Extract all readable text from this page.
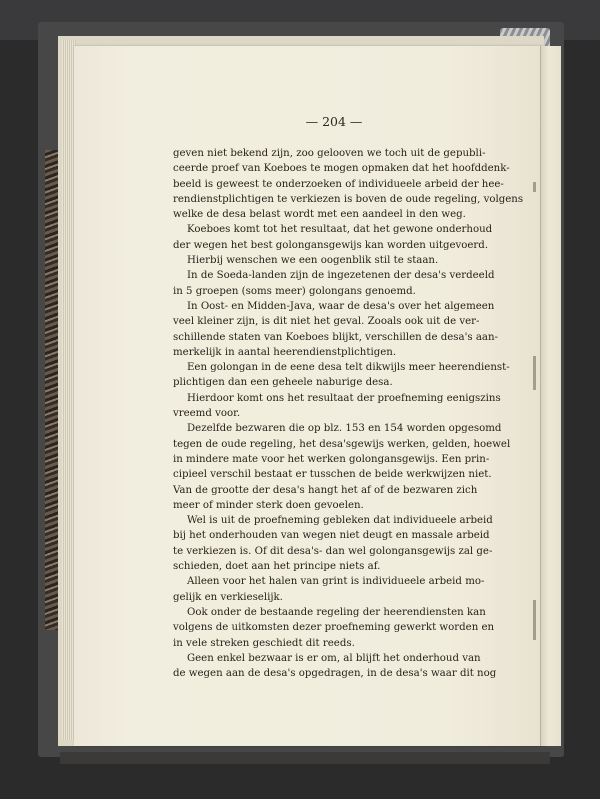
— 204 —
geven niet bekend zijn, zoo gelooven we toch uit de gepubli-
ceerde proef van Koeboes te mogen opmaken dat het hoofddenk-
beeld is geweest te onderzoeken of individueele arbeid der hee-
rendienstplichtigen te verkiezen is boven de oude regeling, volgens
welke de desa belast wordt met een aandeel in den weg.
Koeboes komt tot het resultaat, dat het gewone onderhoud
der wegen het best golongansgewijs kan worden uitgevoerd.
Hierbij wenschen we een oogenblik stil te staan.
In de Soeda-landen zijn de ingezetenen der desa's verdeeld
in 5 groepen (soms meer) golongans genoemd.
In Oost- en Midden-Java, waar de desa's over het algemeen
veel kleiner zijn, is dit niet het geval. Zooals ook uit de ver-
schillende staten van Koeboes blijkt, verschillen de desa's aan-
merkelijk in aantal heerendienstplichtigen.
Een golongan in de eene desa telt dikwijls meer heerendienst-
plichtigen dan een geheele naburige desa.
Hierdoor komt ons het resultaat der proefneming eenigszins
vreemd voor.
Dezelfde bezwaren die op blz. 153 en 154 worden opgesomd
tegen de oude regeling, het desa'sgewijs werken, gelden, hoewel
in mindere mate voor het werken golongansgewijs. Een prin-
cipieel verschil bestaat er tusschen de beide werkwijzen niet.
Van de grootte der desa's hangt het af of de bezwaren zich
meer of minder sterk doen gevoelen.
Wel is uit de proefneming gebleken dat individueele arbeid
bij het onderhouden van wegen niet deugt en massale arbeid
te verkiezen is. Of dit desa's- dan wel golongansgewijs zal ge-
schieden, doet aan het principe niets af.
Alleen voor het halen van grint is individueele arbeid mo-
gelijk en verkieselijk.
Ook onder de bestaande regeling der heerendiensten kan
volgens de uitkomsten dezer proefneming gewerkt worden en
in vele streken geschiedt dit reeds.
Geen enkel bezwaar is er om, al blijft het onderhoud van
de wegen aan de desa's opgedragen, in de desa's waar dit nog
